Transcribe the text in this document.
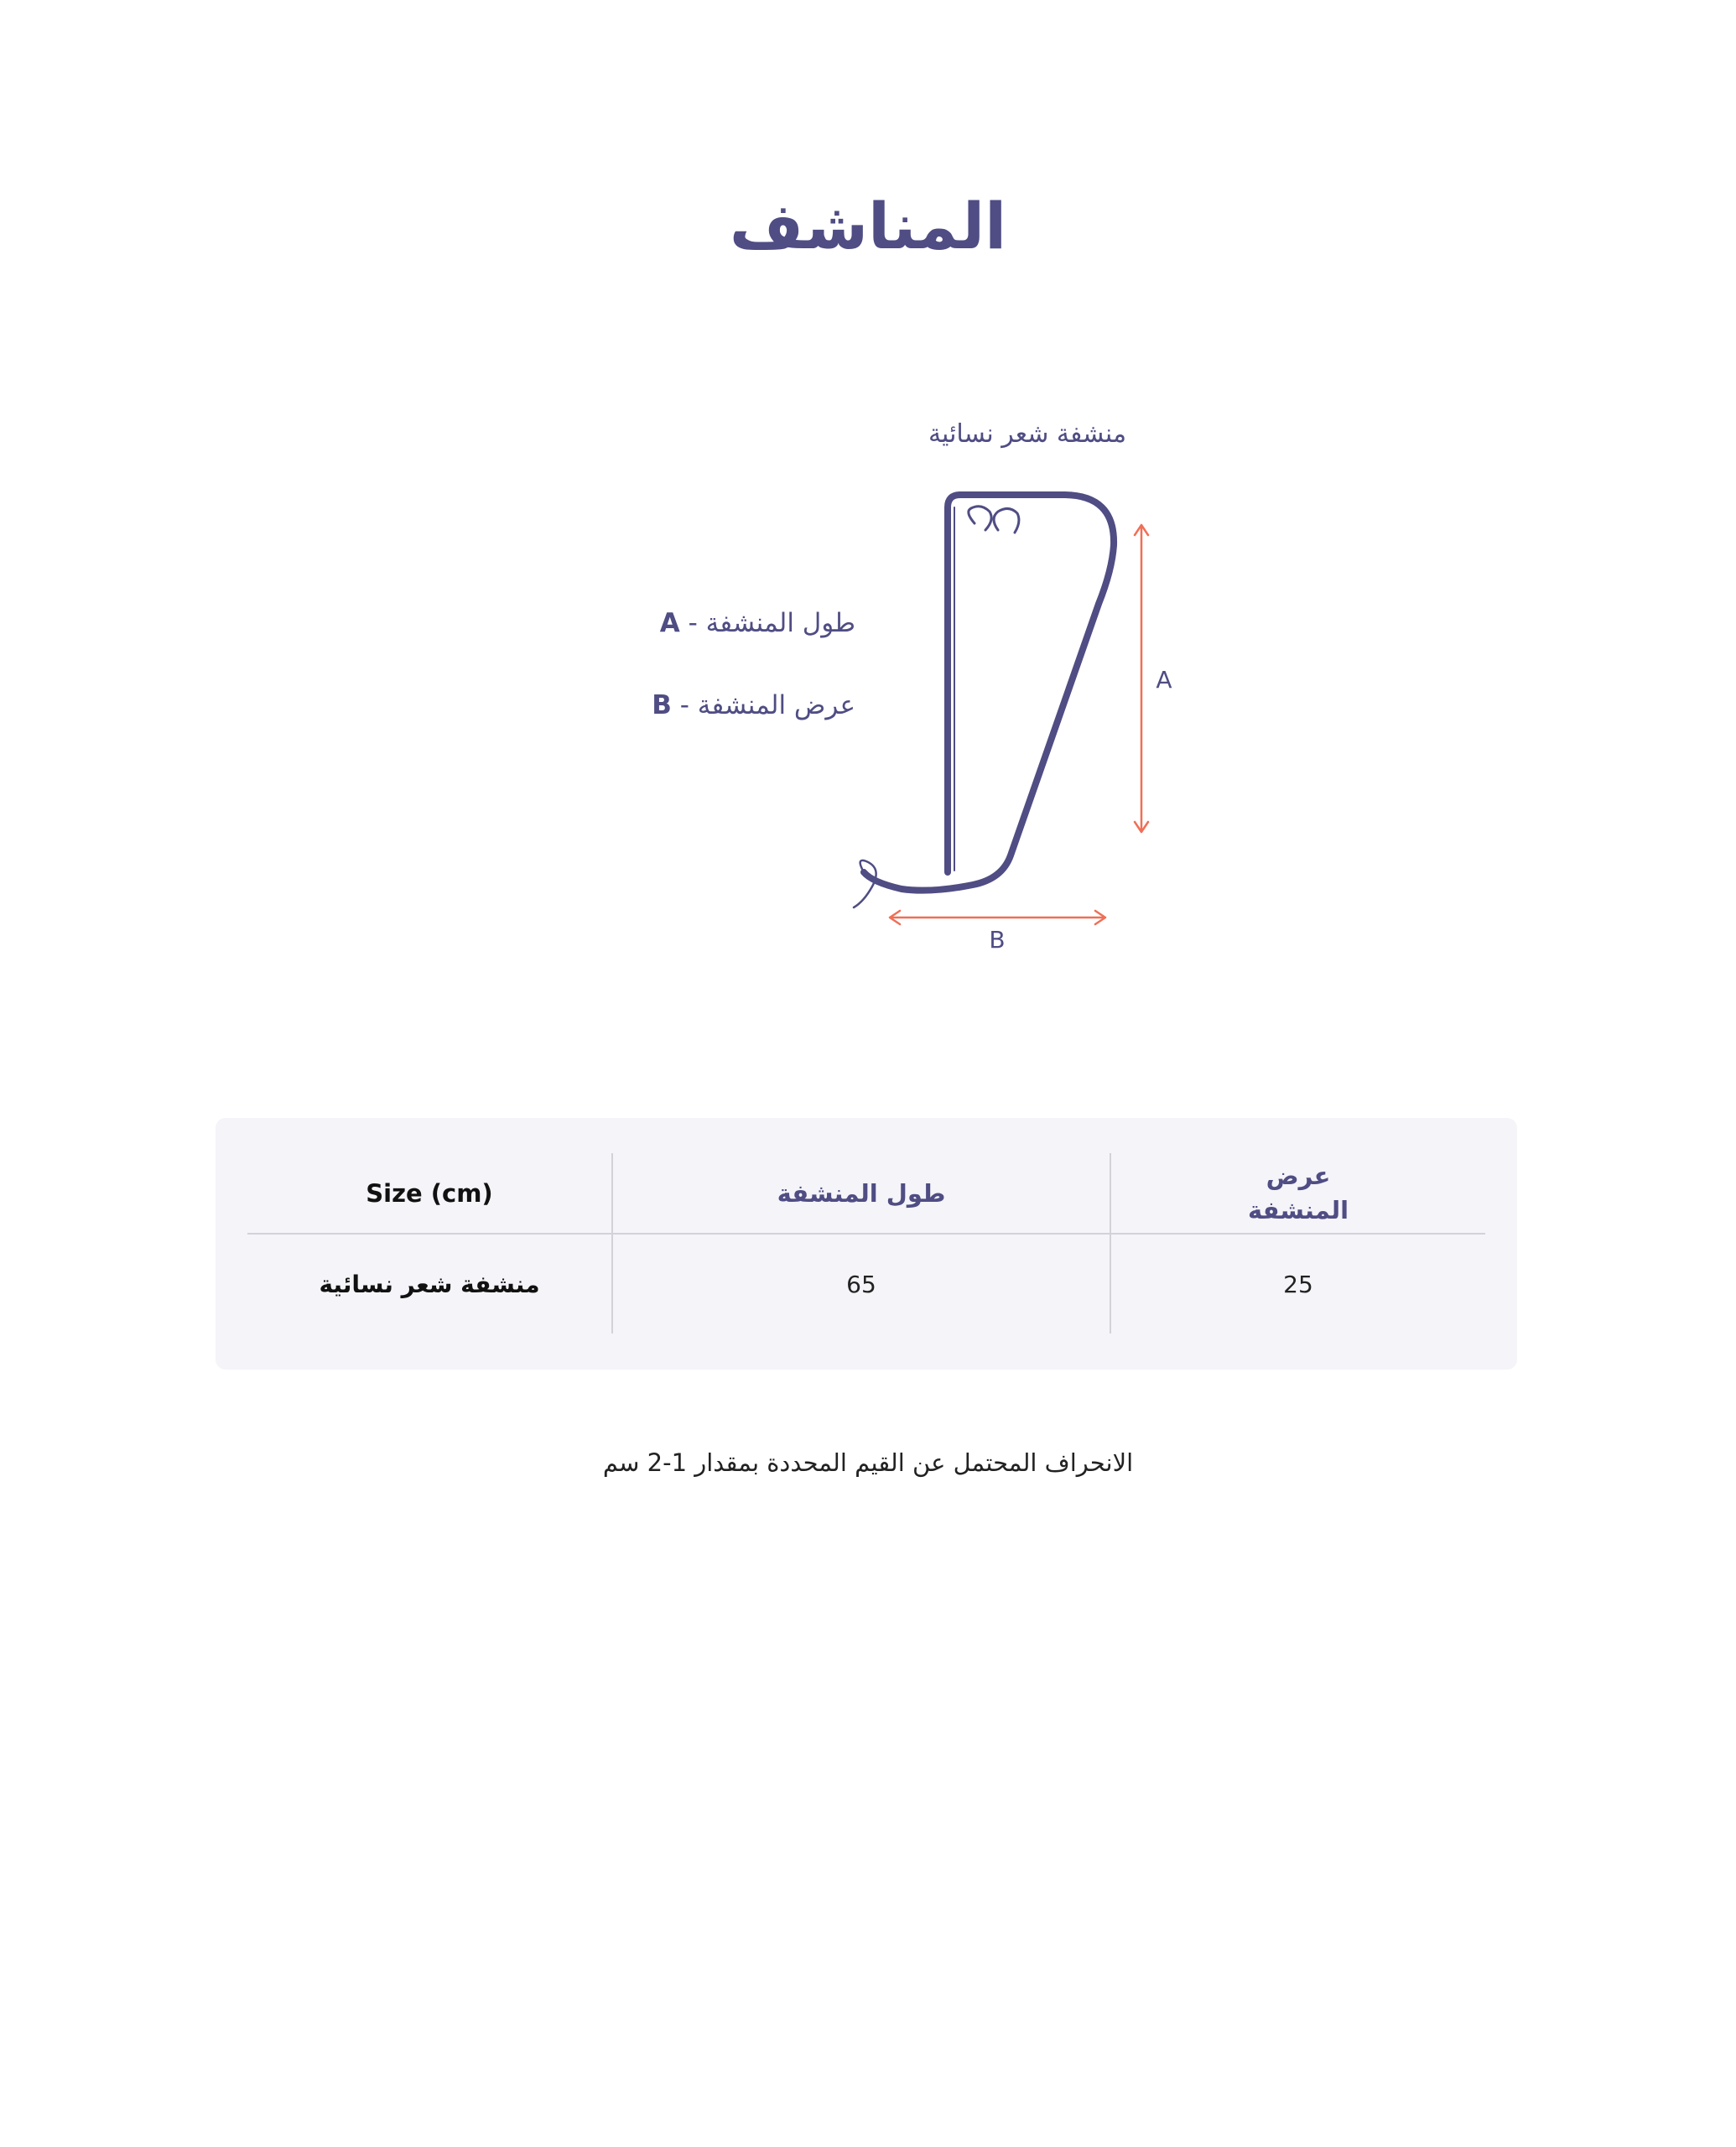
المناشف
منشفة شعر نسائية
طول المنشفة - A
عرض المنشفة - B
A
B
Size (cm)	طول المنشفة	عرض المنشفة

منشفة شعر نسائية	65	25
الانحراف المحتمل عن القيم المحددة بمقدار 1-2 سم
